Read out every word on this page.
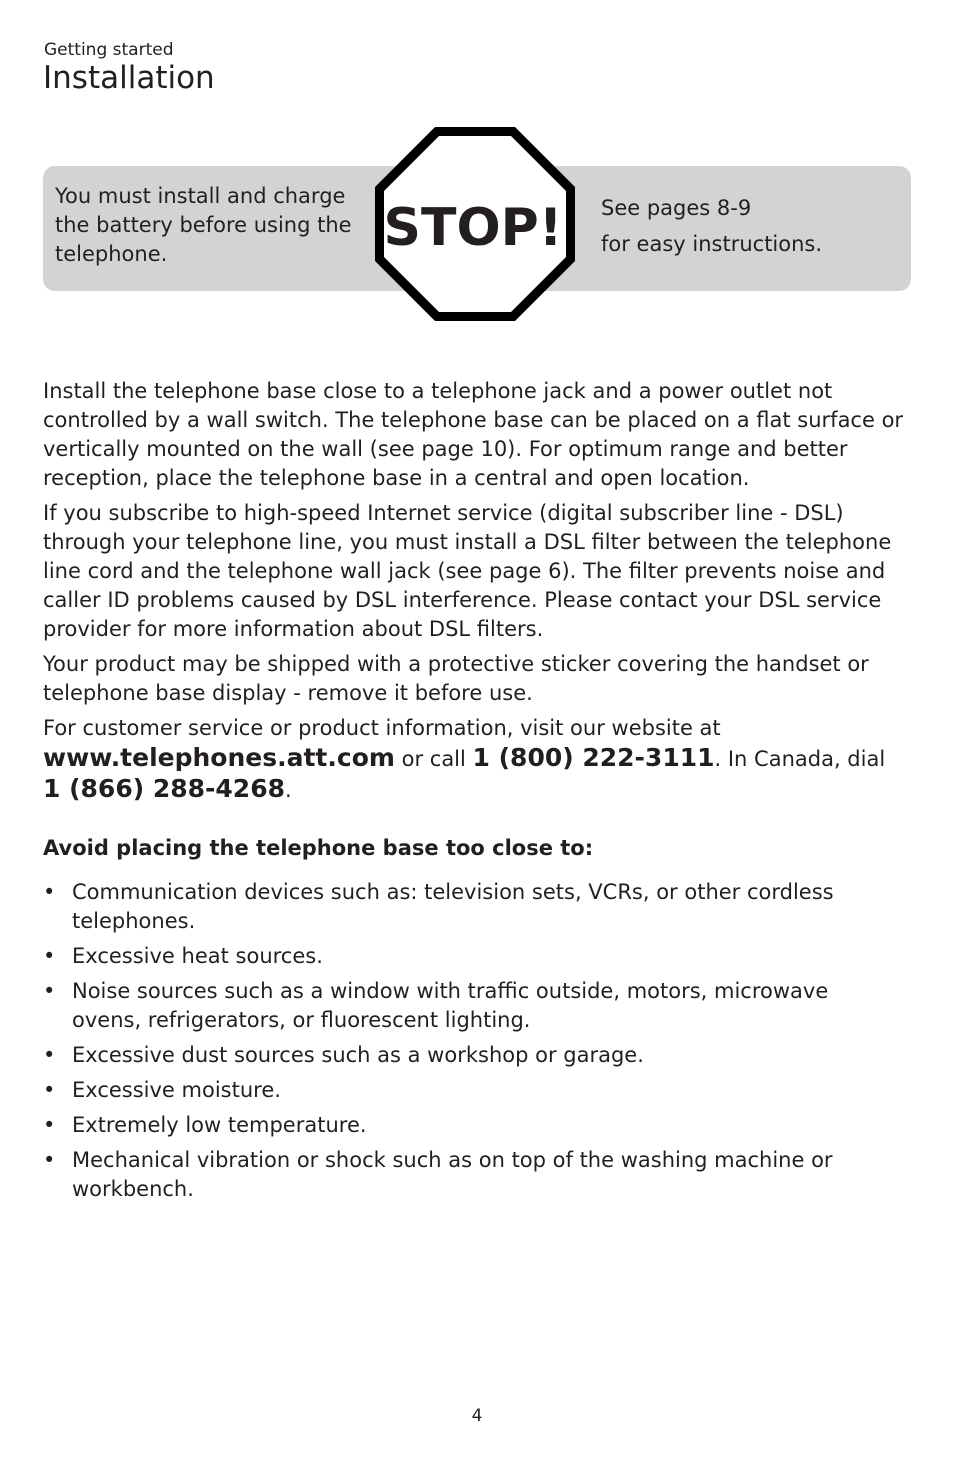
Getting started
Installation
You must install and charge the battery before using the telephone.	STOP! See pages 8-9
for easy instructions.

Install the telephone base close to a telephone jack and a power outlet not controlled by a wall switch. The telephone base can be placed on a flat surface or vertically mounted on the wall (see page 10). For optimum range and better reception, place the telephone base in a central and open location.

If you subscribe to high-speed Internet service (digital subscriber line - DSL) through your telephone line, you must install a DSL filter between the telephone line cord and the telephone wall jack (see page 6). The filter prevents noise and caller ID problems caused by DSL interference. Please contact your DSL service provider for more information about DSL filters.

Your product may be shipped with a protective sticker covering the handset or telephone base display - remove it before use.

For customer service or product information, visit our website at
www.telephones.att.com or call 1 (800) 222-3111. In Canada, dial
1 (866) 288-4268.

Avoid placing the telephone base too close to:
• Communication devices such as: television sets, VCRs, or other cordless telephones.
• Excessive heat sources.
• Noise sources such as a window with traffic outside, motors, microwave ovens, refrigerators, or fluorescent lighting.
• Excessive dust sources such as a workshop or garage.
• Excessive moisture.
• Extremely low temperature.
• Mechanical vibration or shock such as on top of the washing machine or workbench.
4
